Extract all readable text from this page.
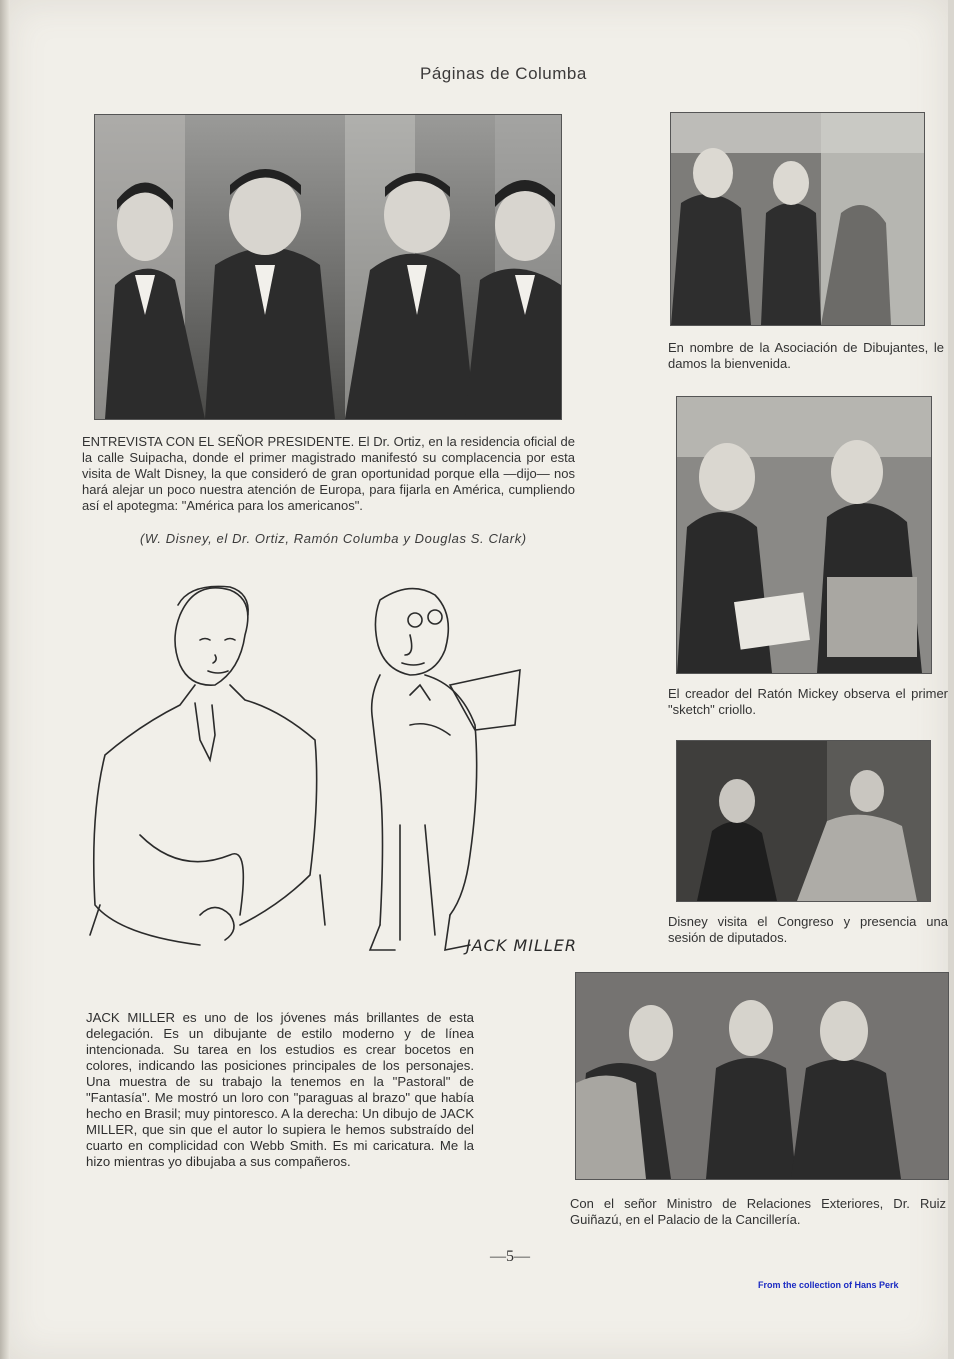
Páginas de Columba
ENTREVISTA CON EL SEÑOR PRESIDENTE. El Dr. Ortiz, en la residencia oficial de la calle Suipacha, donde el primer magistrado manifestó su complacencia por esta visita de Walt Disney, la que consideró de gran oportunidad porque ella —dijo— nos hará alejar un poco nuestra atención de Europa, para fijarla en América, cumpliendo así el apotegma: "América para los americanos".
(W. Disney, el Dr. Ortiz, Ramón Columba y Douglas S. Clark)
En nombre de la Asociación de Dibujantes, le damos la bienvenida.
El creador del Ratón Mickey observa el primer "sketch" criollo.
Disney visita el Congreso y presencia una sesión de diputados.
Con el señor Ministro de Relaciones Exteriores, Dr. Ruiz Guiñazú, en el Palacio de la Cancillería.
JACK MILLER
JACK MILLER es uno de los jóvenes más brillantes de esta delegación. Es un dibujante de estilo moderno y de línea intencionada. Su tarea en los estudios es crear bocetos en colores, indicando las posiciones principales de los personajes. Una muestra de su trabajo la tenemos en la "Pastoral" de "Fantasía". Me mostró un loro con "paraguas al brazo" que había hecho en Brasil; muy pintoresco. A la derecha: Un dibujo de JACK MILLER, que sin que el autor lo supiera le hemos substraído del cuarto en complicidad con Webb Smith. Es mi caricatura. Me la hizo mientras yo dibujaba a sus compañeros.
—5—
From the collection of Hans Perk
